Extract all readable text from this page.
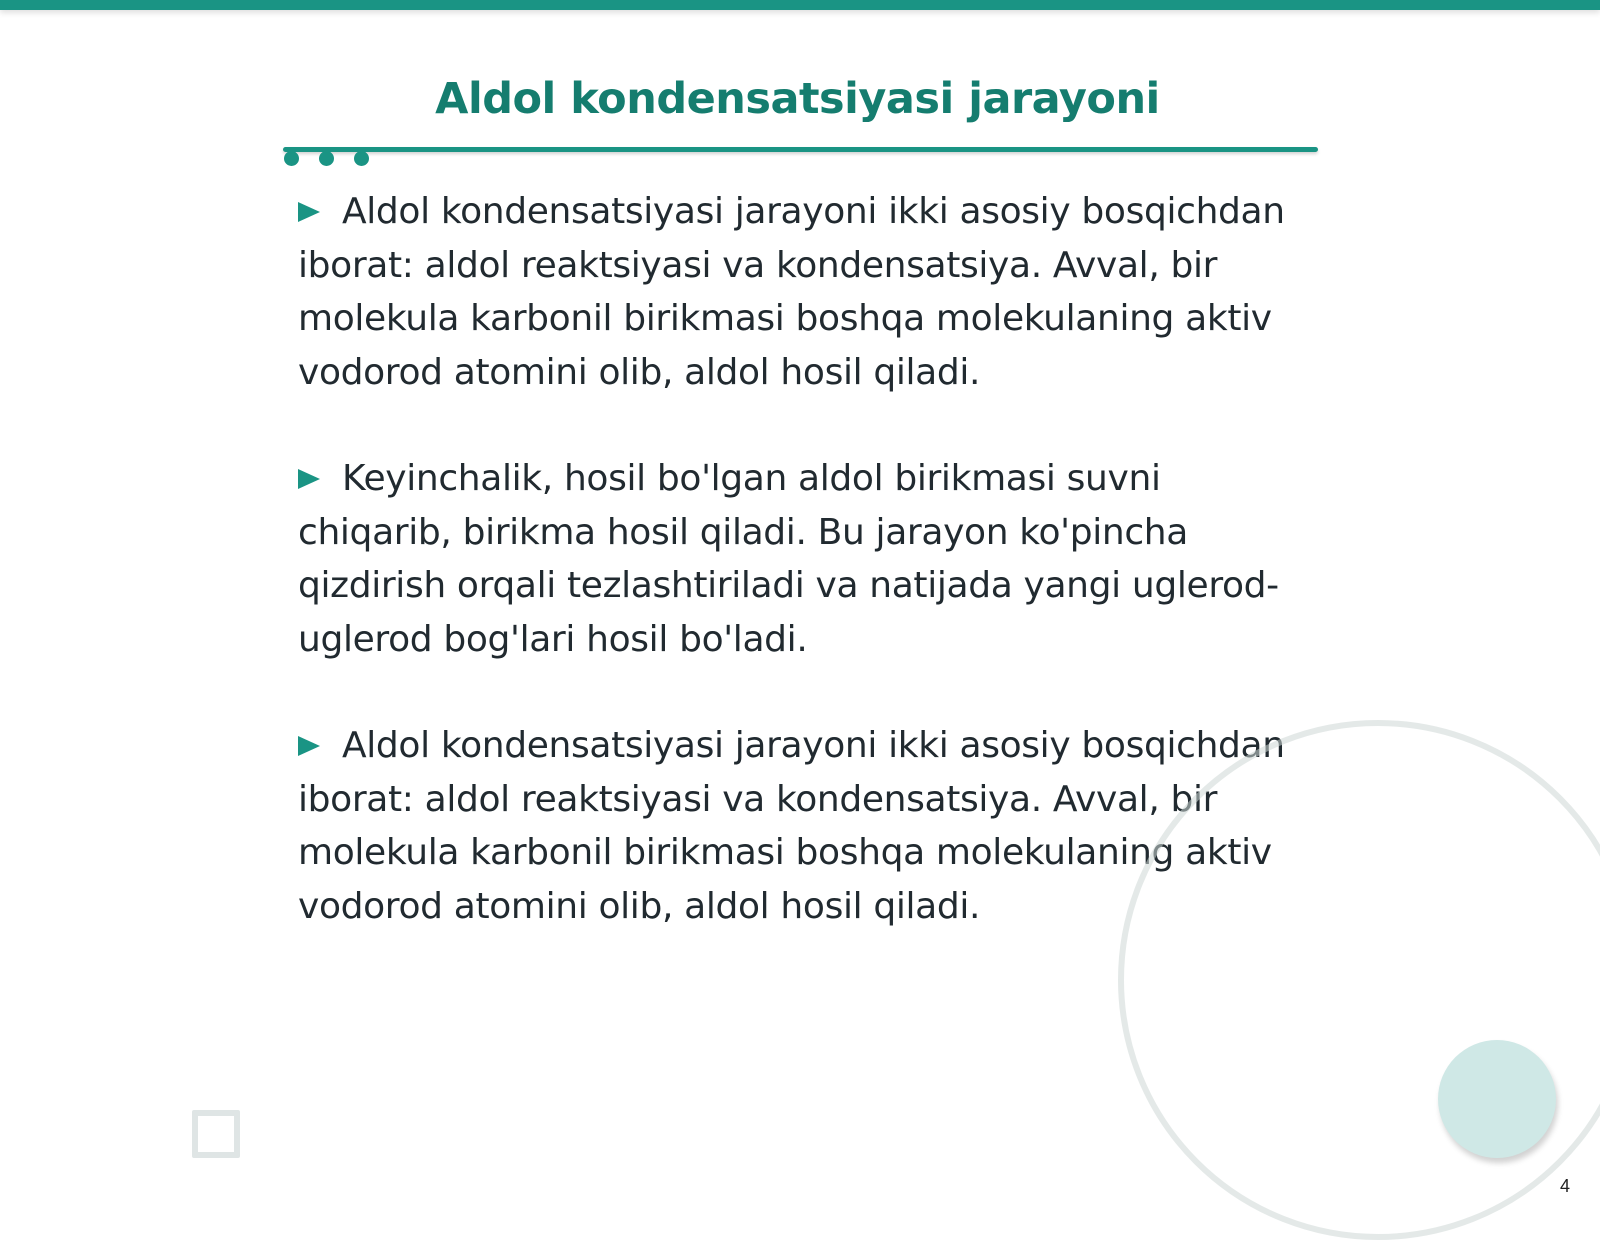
Aldol kondensatsiyasi jarayoni

Aldol kondensatsiyasi jarayoni ikki asosiy bosqichdan iborat: aldol reaktsiyasi va kondensatsiya. Avval, bir molekula karbonil birikmasi boshqa molekulaning aktiv vodorod atomini olib, aldol hosil qiladi.

Keyinchalik, hosil bo'lgan aldol birikmasi suvni chiqarib, birikma hosil qiladi. Bu jarayon ko'pincha qizdirish orqali tezlashtiriladi va natijada yangi uglerod-uglerod bog'lari hosil bo'ladi.

Aldol kondensatsiyasi jarayoni ikki asosiy bosqichdan iborat: aldol reaktsiyasi va kondensatsiya. Avval, bir molekula karbonil birikmasi boshqa molekulaning aktiv vodorod atomini olib, aldol hosil qiladi.

4
